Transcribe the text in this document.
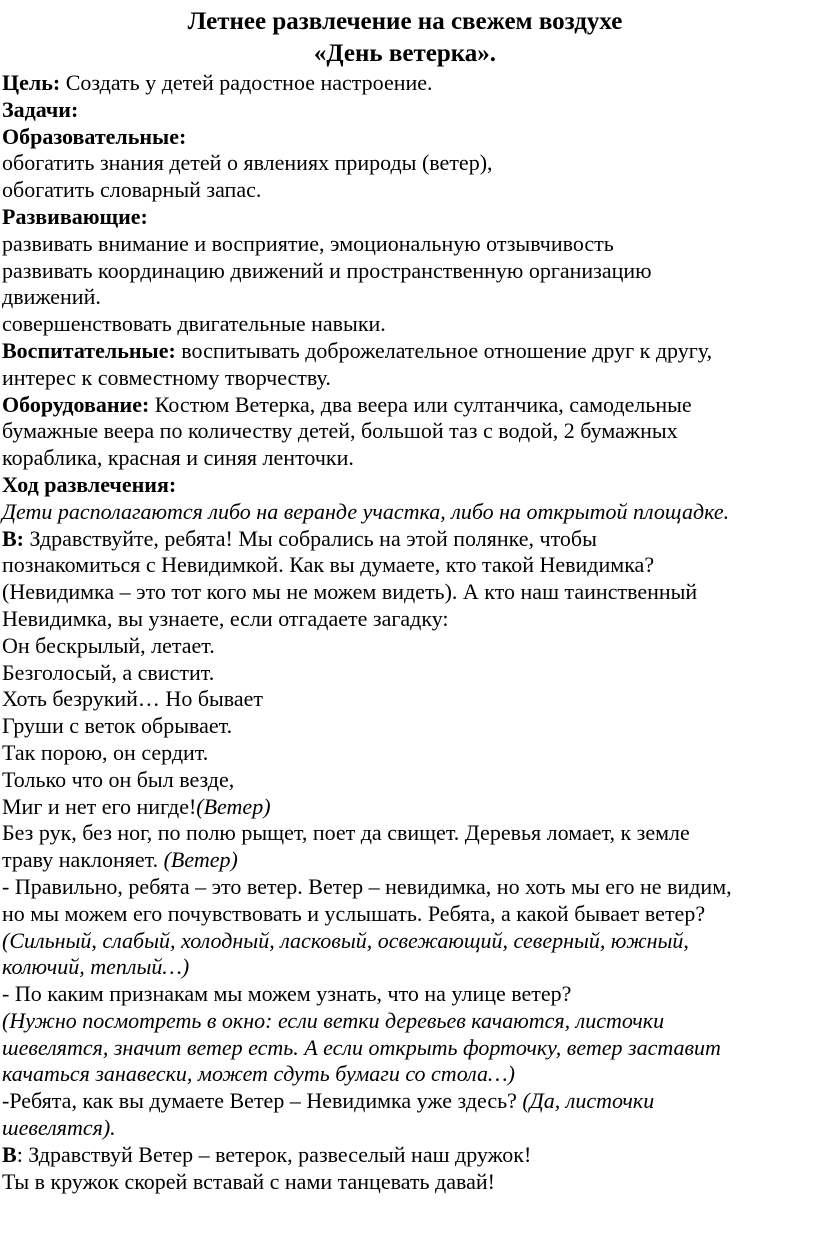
Летнее развлечение на свежем воздухе

«День ветерка».

Цель: Создать у детей радостное настроение.

Задачи:

Образовательные:

обогатить знания детей о явлениях природы (ветер),

обогатить словарный запас.

Развивающие:

развивать внимание и восприятие, эмоциональную отзывчивость

развивать координацию движений и пространственную организацию

движений.

совершенствовать двигательные навыки.

Воспитательные: воспитывать доброжелательное отношение друг к другу,

интерес к совместному творчеству.

Оборудование: Костюм Ветерка, два веера или султанчика, самодельные

бумажные веера по количеству детей, большой таз с водой, 2 бумажных

кораблика, красная и синяя ленточки.

Ход развлечения:

Дети располагаются либо на веранде участка, либо на открытой площадке.

В: Здравствуйте, ребята! Мы собрались на этой полянке, чтобы

познакомиться с Невидимкой. Как вы думаете, кто такой Невидимка?

(Невидимка – это тот кого мы не можем видеть). А кто наш таинственный

Невидимка, вы узнаете, если отгадаете загадку:

Он бескрылый, летает.

Безголосый, а свистит.

Хоть безрукий… Но бывает

Груши с веток обрывает.

Так порою, он сердит.

Только что он был везде,

Миг и нет его нигде!(Ветер)

Без рук, без ног, по полю рыщет, поет да свищет. Деревья ломает, к земле

траву наклоняет. (Ветер)

- Правильно, ребята – это ветер. Ветер – невидимка, но хоть мы его не видим,

но мы можем его почувствовать и услышать. Ребята, а какой бывает ветер?

(Сильный, слабый, холодный, ласковый, освежающий, северный, южный,

колючий, теплый…)

- По каким признакам мы можем узнать, что на улице ветер?

(Нужно посмотреть в окно: если ветки деревьев качаются, листочки

шевелятся, значит ветер есть. А если открыть форточку, ветер заставит

качаться занавески, может сдуть бумаги со стола…)

-Ребята, как вы думаете Ветер – Невидимка уже здесь? (Да, листочки

шевелятся).

В: Здравствуй Ветер – ветерок, развеселый наш дружок!

Ты в кружок скорей вставай с нами танцевать давай!
